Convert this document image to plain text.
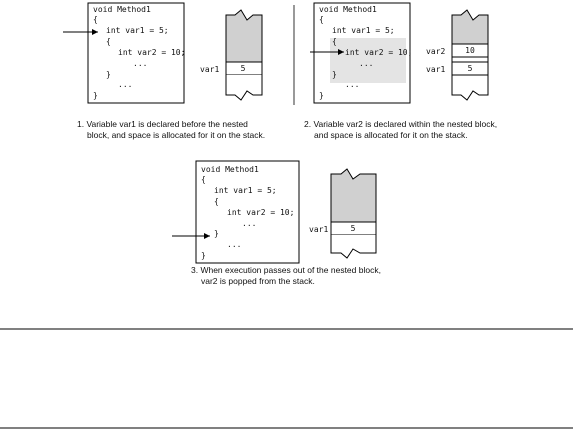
void Method1
{
int var1 = 5;
{
int var2 = 10;
...
}
...
}
var1	5
1. Variable var1 is declared before the nested
block, and space is allocated for it on the stack.
void Method1
{
int var1 = 5;
{
int var2 = 10;
...
}
...
}
var2
var1
10
5
2. Variable var2 is declared within the nested block,
and space is allocated for it on the stack.
void Method1
{
int var1 = 5;
{
int var2 = 10;
...
}
...
}
var1	5
3. When execution passes out of the nested block,
var2 is popped from the stack.
